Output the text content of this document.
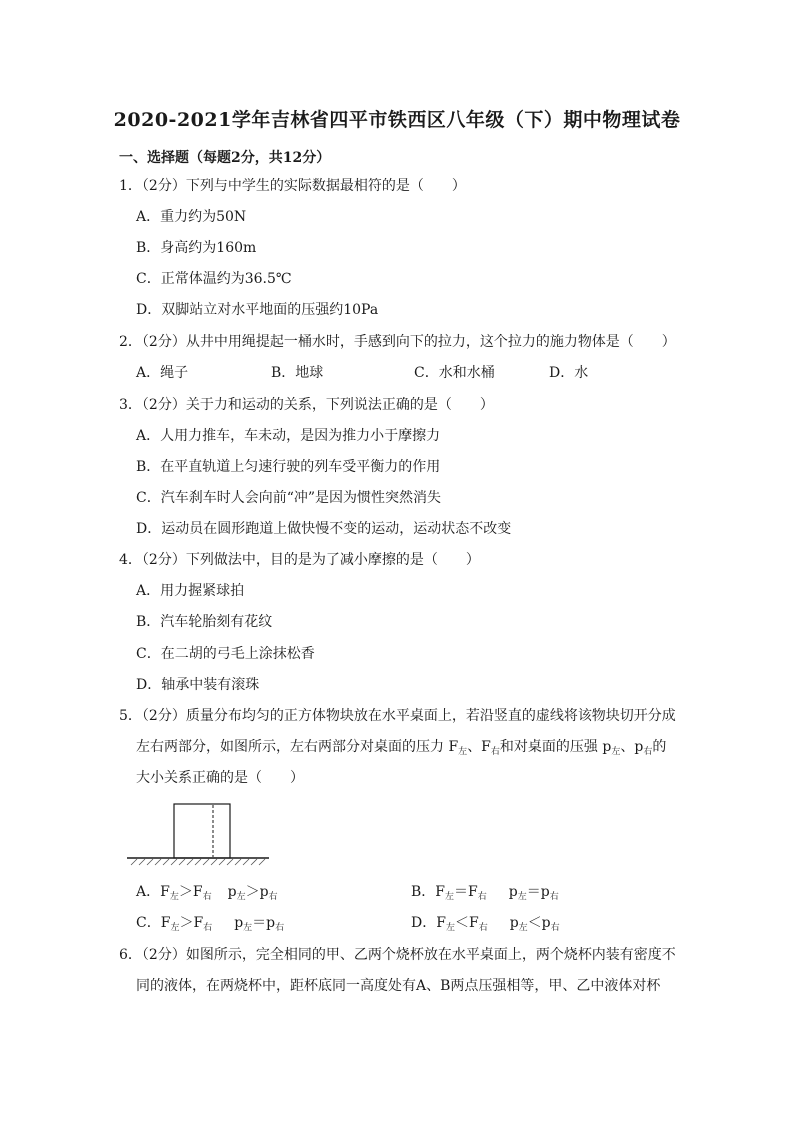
2020-2021学年吉林省四平市铁西区八年级（下）期中物理试卷
一、选择题（每题2分，共12分）
1．（2分）下列与中学生的实际数据最相符的是（　　）
A．重力约为50N
B．身高约为160m
C．正常体温约为36.5℃
D．双脚站立对水平地面的压强约10Pa
2．（2分）从井中用绳提起一桶水时，手感到向下的拉力，这个拉力的施力物体是（　　）
A．绳子	B．地球	C．水和水桶	D．水
3．（2分）关于力和运动的关系，下列说法正确的是（　　）
A．人用力推车，车未动，是因为推力小于摩擦力
B．在平直轨道上匀速行驶的列车受平衡力的作用
C．汽车刹车时人会向前“冲”是因为惯性突然消失
D．运动员在圆形跑道上做快慢不变的运动，运动状态不改变
4．（2分）下列做法中，目的是为了减小摩擦的是（　　）
A．用力握紧球拍
B．汽车轮胎刻有花纹
C．在二胡的弓毛上涂抹松香
D．轴承中装有滚珠
5．（2分）质量分布均匀的正方体物块放在水平桌面上，若沿竖直的虚线将该物块切开分成
左右两部分，如图所示，左右两部分对桌面的压力 $F_左$、$F_右$和对桌面的压强 $p_左$、$p_右$的
大小关系正确的是（　　）
A．$F_左>F_右$ $p_左>p_右$	B．$F_左=F_右$ $p_左=p_右$
C．$F_左>F_右$ $p_左=p_右$	D．$F_左<F_右$ $p_左<p_右$
6．（2分）如图所示，完全相同的甲、乙两个烧杯放在水平桌面上，两个烧杯内装有密度不
同的液体，在两烧杯中，距杯底同一高度处有A、B两点压强相等，甲、乙中液体对杯
